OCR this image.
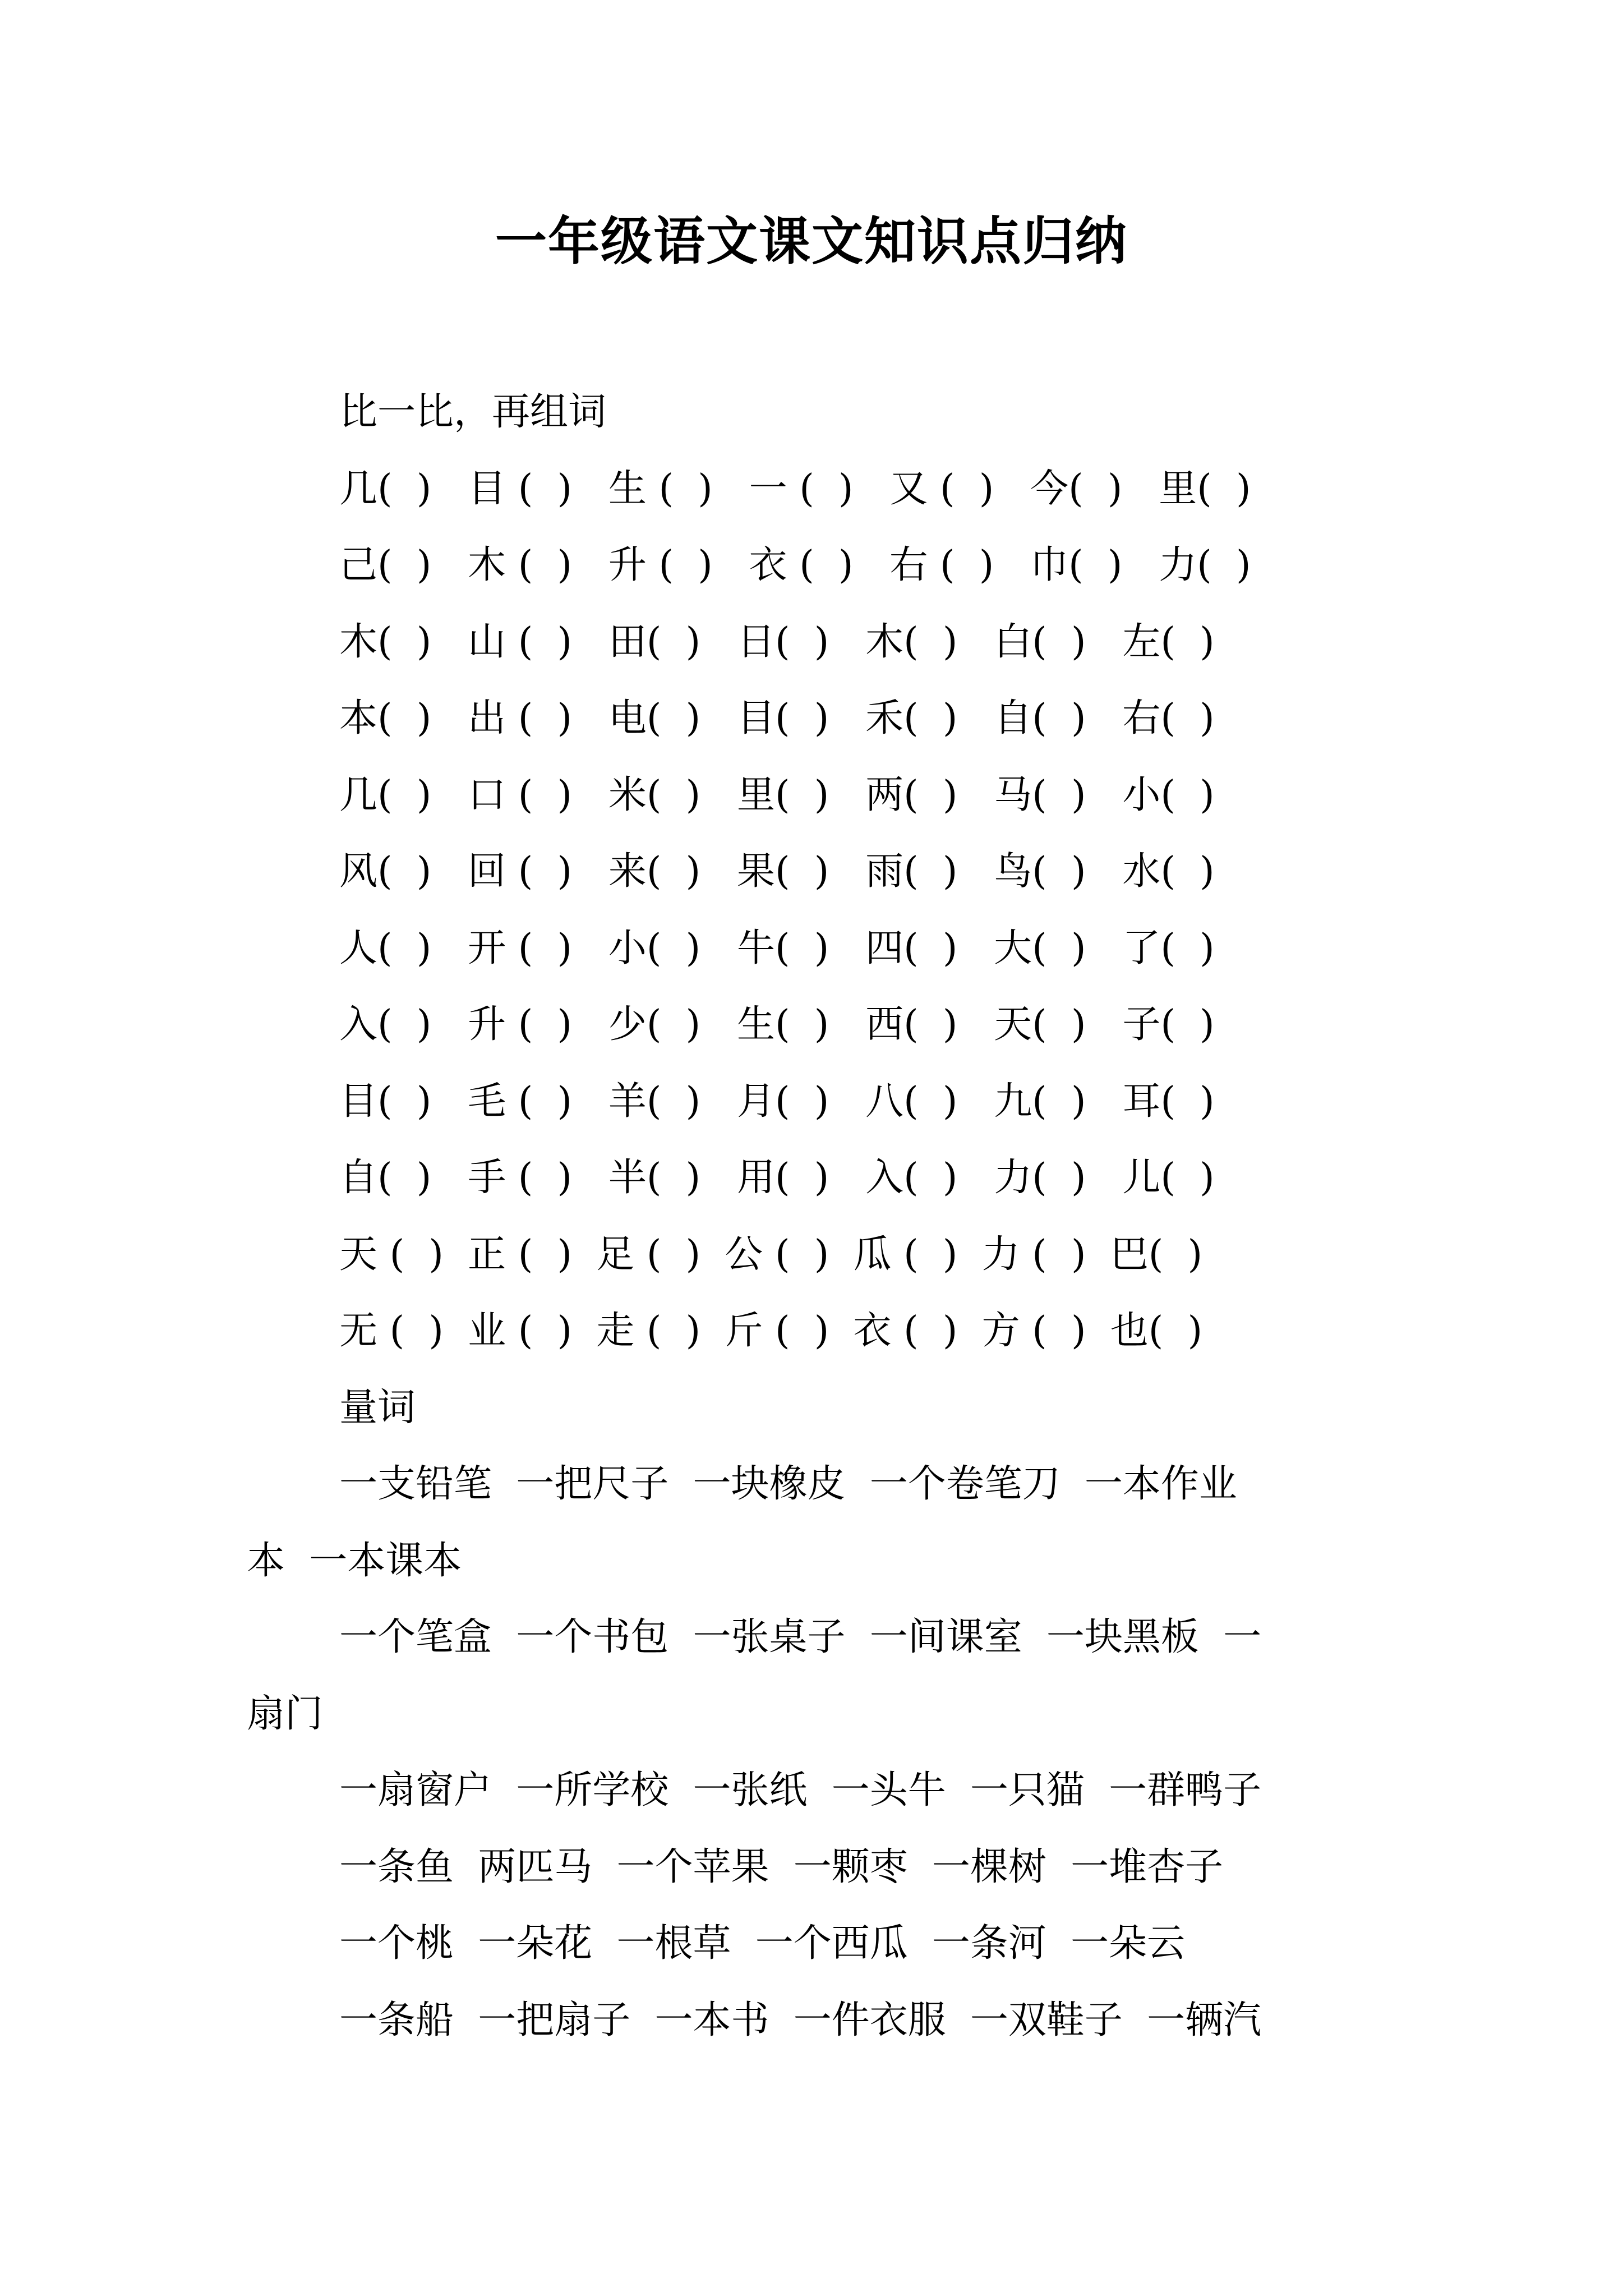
一年级语文课文知识点归纳
比一比，再组词
几(  )   目 (  )   生 (  )   一 (  )   又 (  )   今(  )   里(  )
己(  )   木 (  )   升 (  )   衣 (  )   右 (  )   巾(  )   力(  )
木(  )   山 (  )   田(  )   日(  )   木(  )   白(  )   左(  )
本(  )   出 (  )   电(  )   目(  )   禾(  )   自(  )   右(  )
几(  )   口 (  )   米(  )   里(  )   两(  )   马(  )   小(  )
风(  )   回 (  )   来(  )   果(  )   雨(  )   鸟(  )   水(  )
人(  )   开 (  )   小(  )   牛(  )   四(  )   大(  )   了(  )
入(  )   升 (  )   少(  )   生(  )   西(  )   天(  )   子(  )
目(  )   毛 (  )   羊(  )   月(  )   八(  )   九(  )   耳(  )
自(  )   手 (  )   半(  )   用(  )   入(  )   力(  )   儿(  )
天 (  )  正 (  )  足 (  )  公 (  )  瓜 (  )  力 (  )  巴(  )
无 (  )  业 (  )  走 (  )  斤 (  )  衣 (  )  方 (  )  也(  )
量词
一支铅笔  一把尺子  一块橡皮  一个卷笔刀  一本作业
本  一本课本
一个笔盒  一个书包  一张桌子  一间课室  一块黑板  一
扇门
一扇窗户  一所学校  一张纸  一头牛  一只猫  一群鸭子
一条鱼  两匹马  一个苹果  一颗枣  一棵树  一堆杏子
一个桃  一朵花  一根草  一个西瓜  一条河  一朵云
一条船  一把扇子  一本书  一件衣服  一双鞋子  一辆汽
